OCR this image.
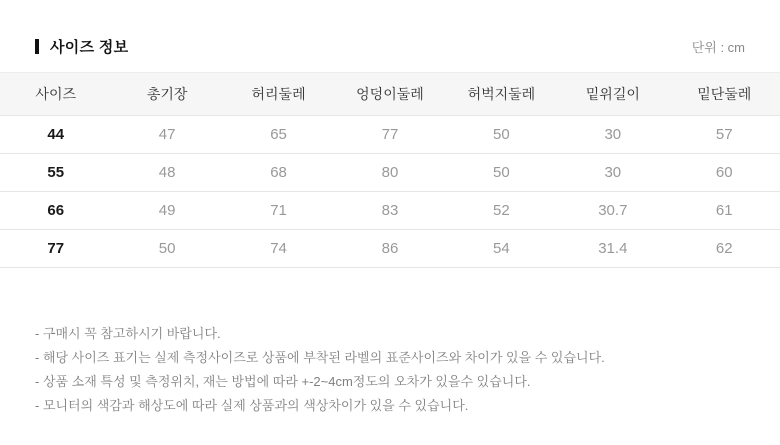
사이즈 정보	단위 : cm
사이즈	총기장	허리둘레	엉덩이둘레	허벅지둘레	밑위길이	밑단둘레
44	47	65	77	50	30	57
55	48	68	80	50	30	60
66	49	71	83	52	30.7	61
77	50	74	86	54	31.4	62
- 구매시 꼭 참고하시기 바랍니다.
- 해당 사이즈 표기는 실제 측정사이즈로 상품에 부착된 라벨의 표준사이즈와 차이가 있을 수 있습니다.
- 상품 소재 특성 및 측정위치, 재는 방법에 따라 +-2~4cm정도의 오차가 있을수 있습니다.
- 모니터의 색감과 해상도에 따라 실제 상품과의 색상차이가 있을 수 있습니다.
